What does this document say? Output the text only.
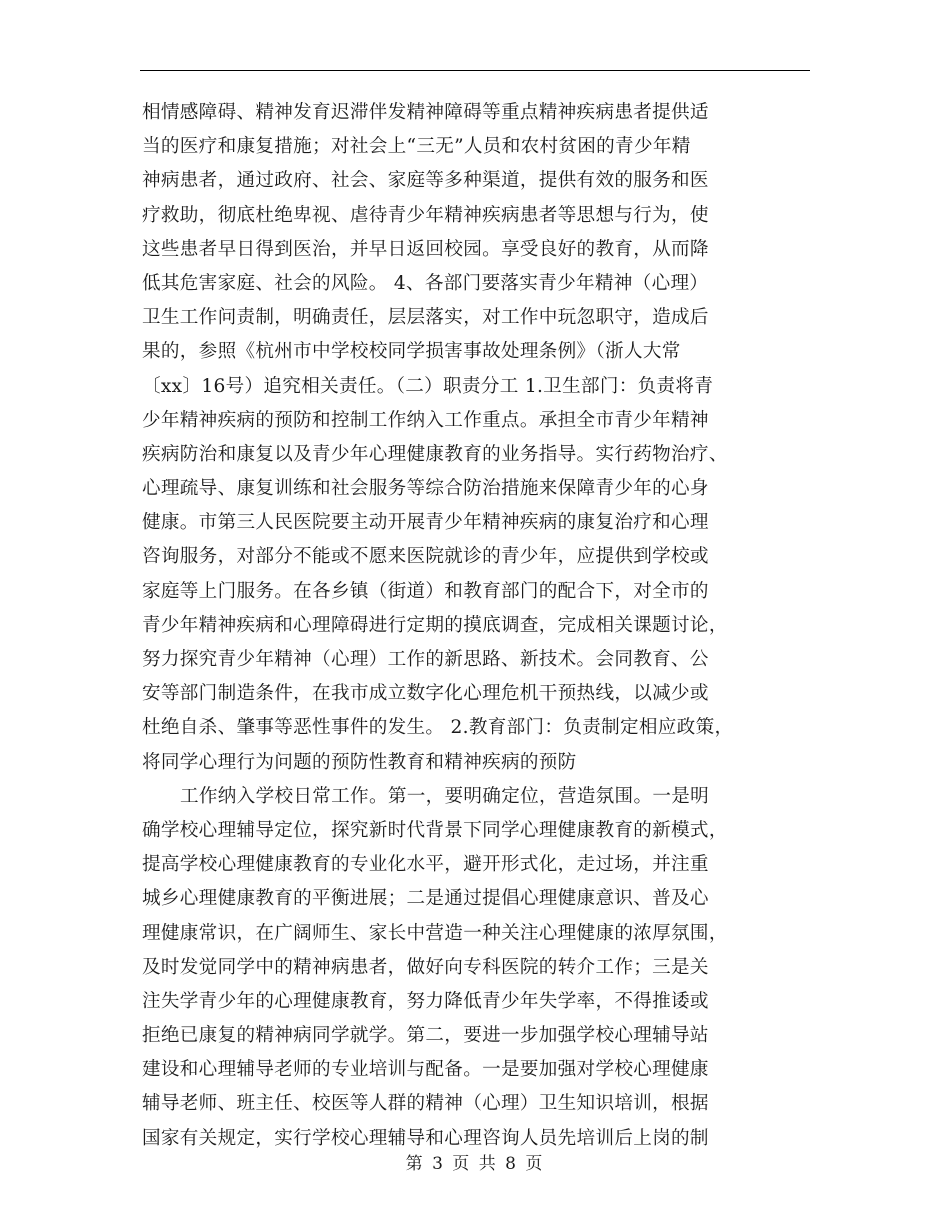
相情感障碍、精神发育迟滞伴发精神障碍等重点精神疾病患者提供适
当的医疗和康复措施；对社会上“三无”人员和农村贫困的青少年精
神病患者，通过政府、社会、家庭等多种渠道，提供有效的服务和医
疗救助，彻底杜绝卑视、虐待青少年精神疾病患者等思想与行为，使
这些患者早日得到医治，并早日返回校园。享受良好的教育，从而降
低其危害家庭、社会的风险。 4、各部门要落实青少年精神（心理）
卫生工作问责制，明确责任，层层落实，对工作中玩忽职守，造成后
果的，参照《杭州市中学校校同学损害事故处理条例》（浙人大常
〔xx〕16号）追究相关责任。（二）职责分工 1.卫生部门：负责将青
少年精神疾病的预防和控制工作纳入工作重点。承担全市青少年精神
疾病防治和康复以及青少年心理健康教育的业务指导。实行药物治疗、
心理疏导、康复训练和社会服务等综合防治措施来保障青少年的心身
健康。市第三人民医院要主动开展青少年精神疾病的康复治疗和心理
咨询服务，对部分不能或不愿来医院就诊的青少年，应提供到学校或
家庭等上门服务。在各乡镇（街道）和教育部门的配合下，对全市的
青少年精神疾病和心理障碍进行定期的摸底调查，完成相关课题讨论，
努力探究青少年精神（心理）工作的新思路、新技术。会同教育、公
安等部门制造条件，在我市成立数字化心理危机干预热线，以减少或
杜绝自杀、肇事等恶性事件的发生。 2.教育部门：负责制定相应政策，
将同学心理行为问题的预防性教育和精神疾病的预防
工作纳入学校日常工作。第一，要明确定位，营造氛围。一是明
确学校心理辅导定位，探究新时代背景下同学心理健康教育的新模式，
提高学校心理健康教育的专业化水平，避开形式化，走过场，并注重
城乡心理健康教育的平衡进展；二是通过提倡心理健康意识、普及心
理健康常识，在广阔师生、家长中营造一种关注心理健康的浓厚氛围，
及时发觉同学中的精神病患者，做好向专科医院的转介工作；三是关
注失学青少年的心理健康教育，努力降低青少年失学率，不得推诿或
拒绝已康复的精神病同学就学。第二，要进一步加强学校心理辅导站
建设和心理辅导老师的专业培训与配备。一是要加强对学校心理健康
辅导老师、班主任、校医等人群的精神（心理）卫生知识培训，根据
国家有关规定，实行学校心理辅导和心理咨询人员先培训后上岗的制
第 3 页 共 8 页
